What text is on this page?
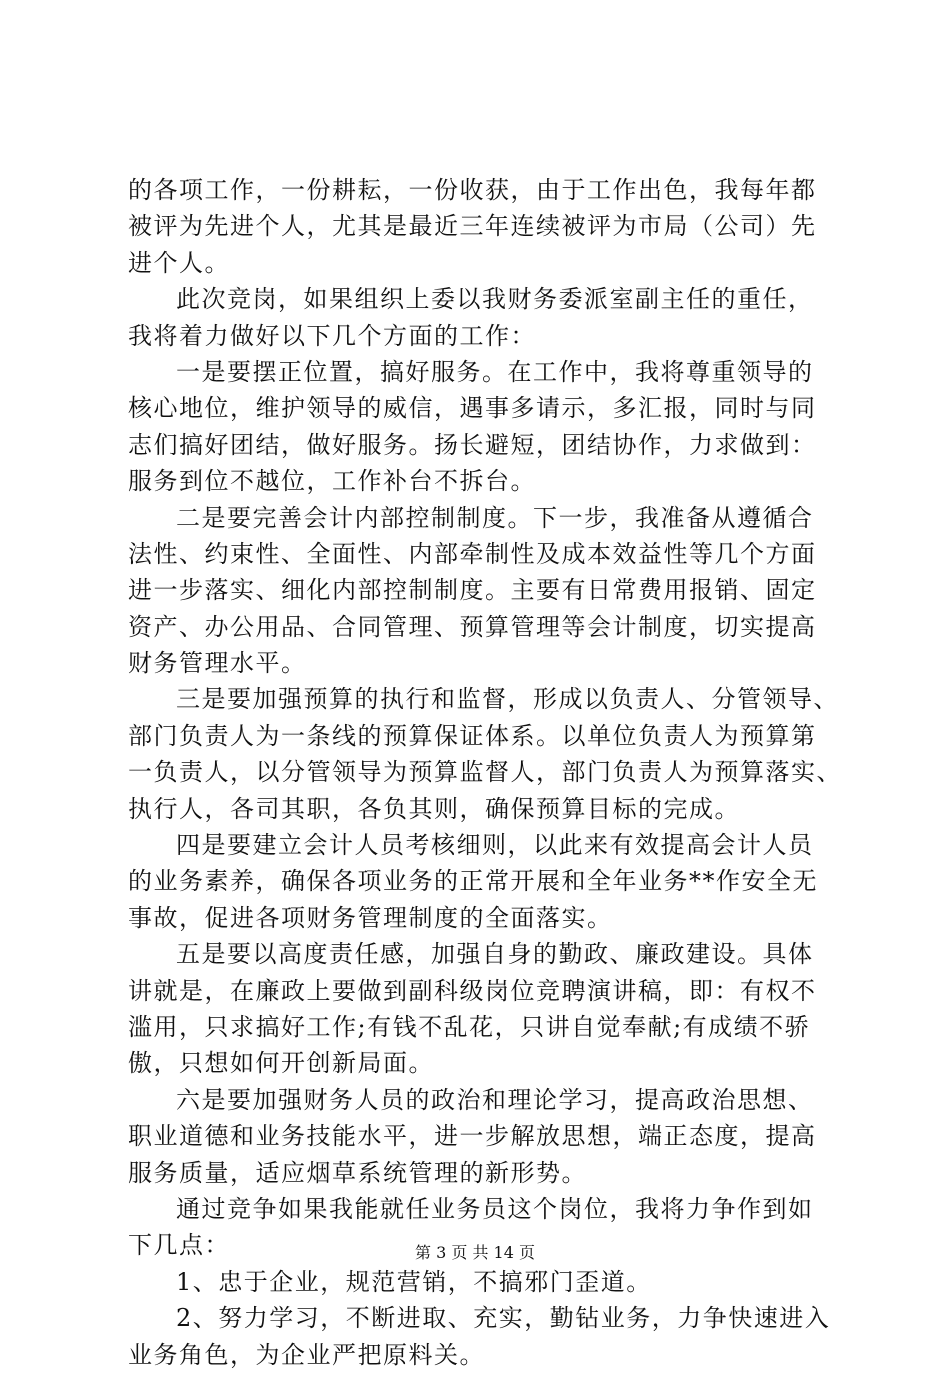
的各项工作，一份耕耘，一份收获，由于工作出色，我每年都
被评为先进个人，尤其是最近三年连续被评为市局（公司）先
进个人。
此次竞岗，如果组织上委以我财务委派室副主任的重任，
我将着力做好以下几个方面的工作：
一是要摆正位置，搞好服务。在工作中，我将尊重领导的
核心地位，维护领导的威信，遇事多请示，多汇报，同时与同
志们搞好团结，做好服务。扬长避短，团结协作，力求做到：
服务到位不越位，工作补台不拆台。
二是要完善会计内部控制制度。下一步，我准备从遵循合
法性、约束性、全面性、内部牵制性及成本效益性等几个方面
进一步落实、细化内部控制制度。主要有日常费用报销、固定
资产、办公用品、合同管理、预算管理等会计制度，切实提高
财务管理水平。
三是要加强预算的执行和监督，形成以负责人、分管领导、
部门负责人为一条线的预算保证体系。以单位负责人为预算第
一负责人，以分管领导为预算监督人，部门负责人为预算落实、
执行人，各司其职，各负其则，确保预算目标的完成。
四是要建立会计人员考核细则，以此来有效提高会计人员
的业务素养，确保各项业务的正常开展和全年业务**作安全无
事故，促进各项财务管理制度的全面落实。
五是要以高度责任感，加强自身的勤政、廉政建设。具体
讲就是，在廉政上要做到副科级岗位竞聘演讲稿，即：有权不
滥用，只求搞好工作;有钱不乱花，只讲自觉奉献;有成绩不骄
傲，只想如何开创新局面。
六是要加强财务人员的政治和理论学习，提高政治思想、
职业道德和业务技能水平，进一步解放思想，端正态度，提高
服务质量，适应烟草系统管理的新形势。
通过竞争如果我能就任业务员这个岗位，我将力争作到如
下几点：
1、忠于企业，规范营销，不搞邪门歪道。
2、努力学习，不断进取、充实，勤钻业务，力争快速进入
业务角色，为企业严把原料关。
第 3 页 共 14 页
